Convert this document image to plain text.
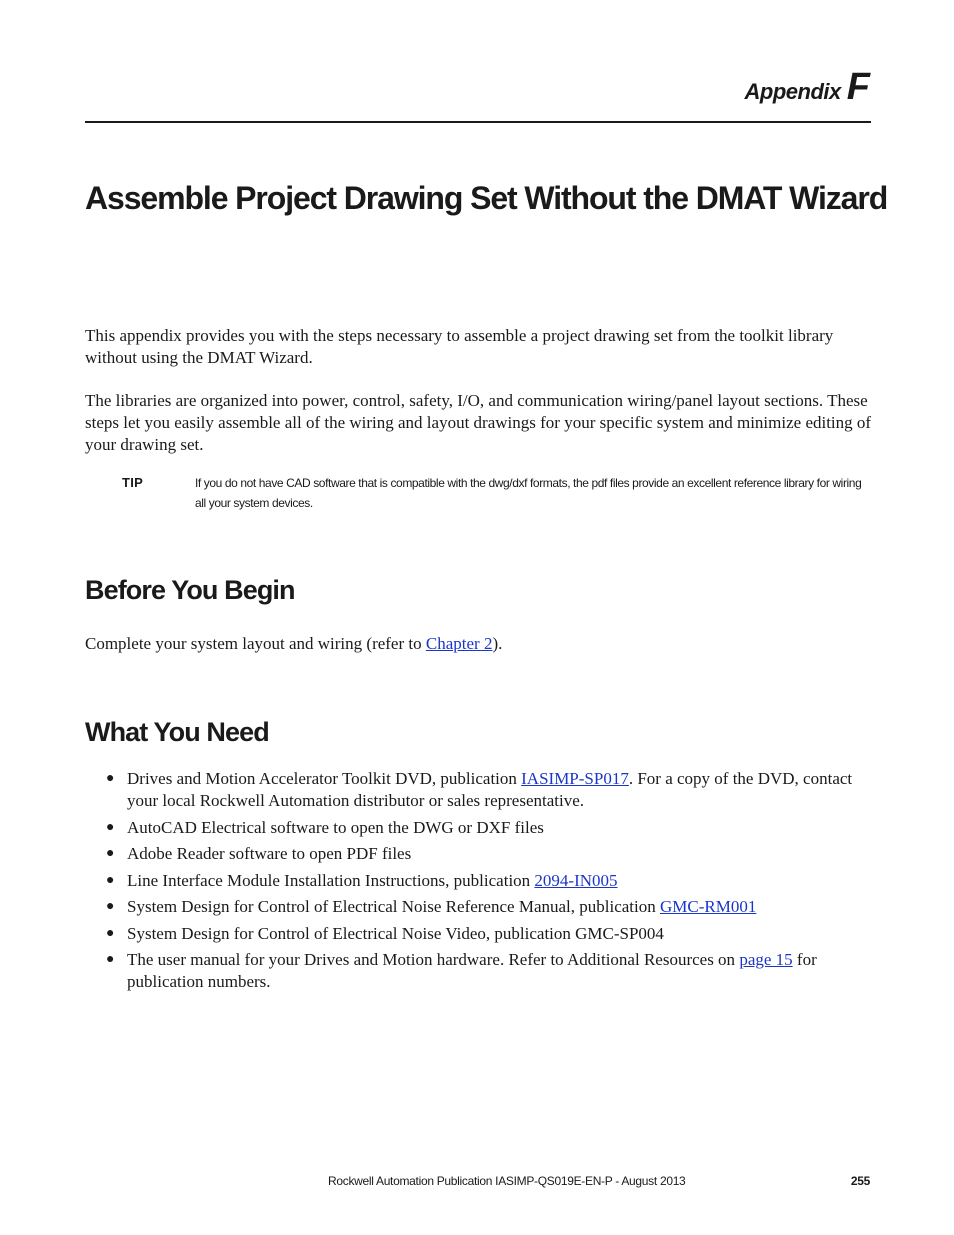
Appendix F
Assemble Project Drawing Set Without the DMAT Wizard

This appendix provides you with the steps necessary to assemble a project drawing set from the toolkit library without using the DMAT Wizard.

The libraries are organized into power, control, safety, I/O, and communication wiring/panel layout sections. These steps let you easily assemble all of the wiring and layout drawings for your specific system and minimize editing of your drawing set.

TIP	If you do not have CAD software that is compatible with the dwg/dxf formats, the pdf files provide an excellent reference library for wiring all your system devices.

Before You Begin

Complete your system layout and wiring (refer to Chapter 2).

What You Need
● Drives and Motion Accelerator Toolkit DVD, publication IASIMP-SP017. For a copy of the DVD, contact your local Rockwell Automation distributor or sales representative.
● AutoCAD Electrical software to open the DWG or DXF files
● Adobe Reader software to open PDF files
● Line Interface Module Installation Instructions, publication 2094-IN005
● System Design for Control of Electrical Noise Reference Manual, publication GMC-RM001
● System Design for Control of Electrical Noise Video, publication GMC-SP004
● The user manual for your Drives and Motion hardware. Refer to Additional Resources on page 15 for publication numbers.
Rockwell Automation Publication IASIMP-QS019E-EN-P - August 2013	255
